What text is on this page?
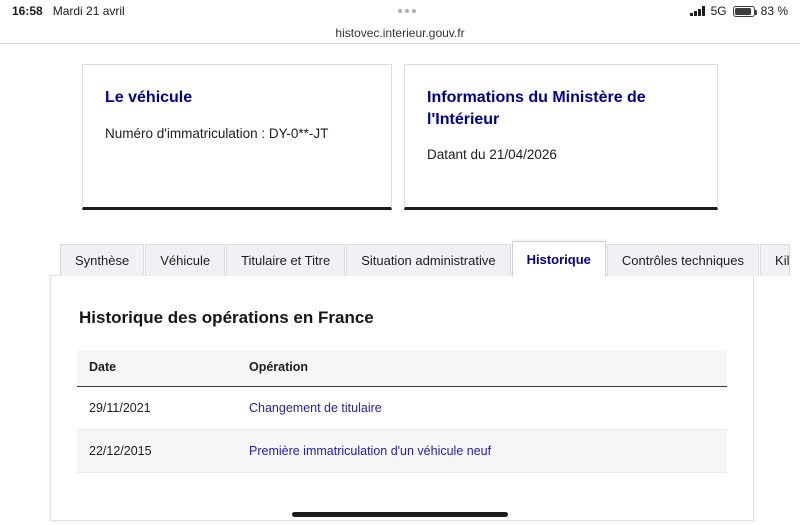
16:58 Mardi 21 avril	5G	83 %
histovec.interieur.gouv.fr
Le véhicule

Numéro d'immatriculation : DY-0**-JT

Informations du Ministère de l'Intérieur

Datant du 21/04/2026

Synthèse	Véhicule	Titulaire et Titre	Situation administrative	Historique	Contrôles techniques	Kil
Historique des opérations en France
Date	Opération
29/11/2021	Changement de titulaire
22/12/2015	Première immatriculation d'un véhicule neuf
